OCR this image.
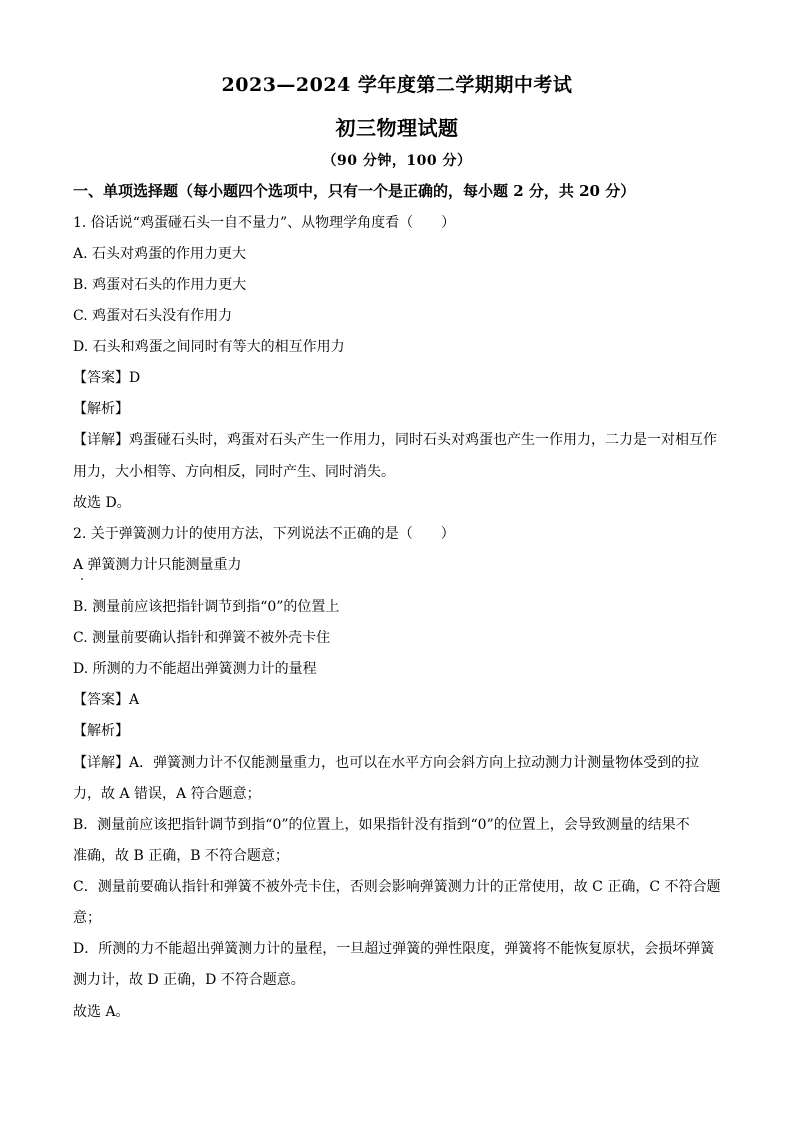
2023—2024 学年度第二学期期中考试
初三物理试题
（90 分钟，100 分）
一、单项选择题（每小题四个选项中，只有一个是正确的，每小题 2 分，共 20 分）
1. 俗话说“鸡蛋碰石头一自不量力”、从物理学角度看（　　）
A. 石头对鸡蛋的作用力更大
B. 鸡蛋对石头的作用力更大
C. 鸡蛋对石头没有作用力
D. 石头和鸡蛋之间同时有等大的相互作用力
【答案】D
【解析】
【详解】鸡蛋碰石头时，鸡蛋对石头产生一作用力，同时石头对鸡蛋也产生一作用力，二力是一对相互作
用力，大小相等、方向相反，同时产生、同时消失。
故选 D。
2. 关于弹簧测力计的使用方法，下列说法不正确的是（　　）
A 弹簧测力计只能测量重力
B. 测量前应该把指针调节到指“0”的位置上
C. 测量前要确认指针和弹簧不被外壳卡住
D. 所测的力不能超出弹簧测力计的量程
【答案】A
【解析】
【详解】A．弹簧测力计不仅能测量重力，也可以在水平方向会斜方向上拉动测力计测量物体受到的拉
力，故 A 错误，A 符合题意；
B．测量前应该把指针调节到指“0”的位置上，如果指针没有指到“0”的位置上，会导致测量的结果不
准确，故 B 正确，B 不符合题意；
C．测量前要确认指针和弹簧不被外壳卡住，否则会影响弹簧测力计的正常使用，故 C 正确，C 不符合题
意；
D．所测的力不能超出弹簧测力计的量程，一旦超过弹簧的弹性限度，弹簧将不能恢复原状，会损坏弹簧
测力计，故 D 正确，D 不符合题意。
故选 A。
